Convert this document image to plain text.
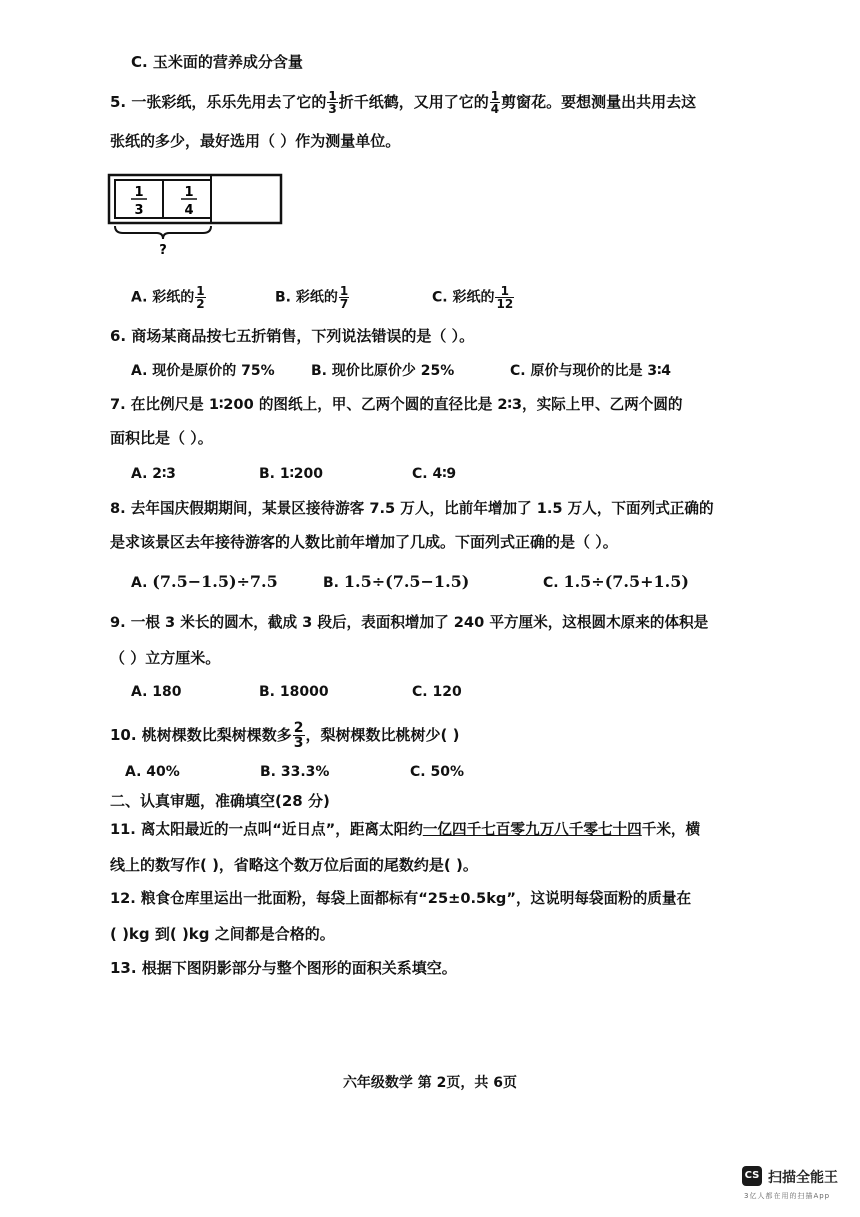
C. 玉米面的营养成分含量
5. 一张彩纸，乐乐先用去了它的 $\frac{1}{3}$ 折千纸鹤，又用了它的 $\frac{1}{4}$ 剪窗花。要想测量出共用去这
张纸的多少，最好选用（ ）作为测量单位。
1
3
1
4
?
A. 彩纸的 $\frac{1}{2}$	B. 彩纸的 $\frac{1}{7}$	C. 彩纸的 $\frac{1}{12}$
6. 商场某商品按七五折销售，下列说法错误的是（ ）。
A. 现价是原价的 75%	B. 现价比原价少 25%	C. 原价与现价的比是 3∶4
7. 在比例尺是 1∶200 的图纸上，甲、乙两个圆的直径比是 2∶3，实际上甲、乙两个圆的
面积比是（ ）。
A. 2∶3	B. 1∶200	C. 4∶9
8. 去年国庆假期期间，某景区接待游客 7.5 万人，比前年增加了 1.5 万人，下面列式正确的
是求该景区去年接待游客的人数比前年增加了几成。下面列式正确的是（ ）。
A. (7.5−1.5)÷7.5	B. 1.5÷(7.5−1.5)	C. 1.5÷(7.5+1.5)
9. 一根 3 米长的圆木，截成 3 段后，表面积增加了 240 平方厘米，这根圆木原来的体积是
（ ）立方厘米。
A. 180	B. 18000	C. 120
10. 桃树棵数比梨树棵数多 $\frac{2}{3}$ ，梨树棵数比桃树少( )
A. 40%	B. 33.3%	C. 50%
二、认真审题，准确填空(28 分)
11. 离太阳最近的一点叫“近日点”，距离太阳约一亿四千七百零九万八千零七十四千米，横
线上的数写作( )，省略这个数万位后面的尾数约是( )。
12. 粮食仓库里运出一批面粉，每袋上面都标有“25±0.5kg”，这说明每袋面粉的质量在
( )kg 到( )kg 之间都是合格的。
13. 根据下图阴影部分与整个图形的面积关系填空。
六年级数学 第 2页，共 6页
CS 扫描全能王
3亿人都在用的扫描App
